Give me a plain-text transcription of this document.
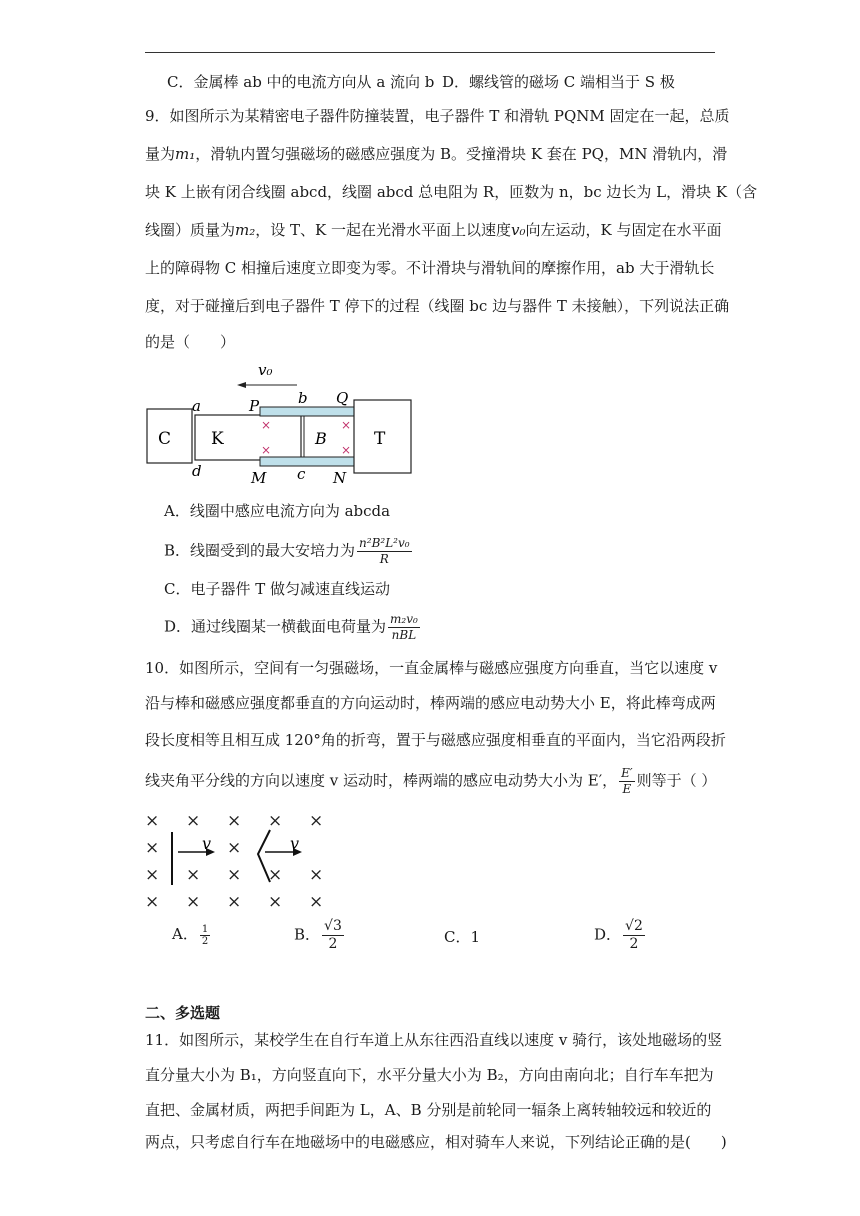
C．金属棒 ab 中的电流方向从 a 流向 b D．螺线管的磁场 C 端相当于 S 极
9．如图所示为某精密电子器件防撞装置，电子器件 T 和滑轨 PQNM 固定在一起，总质
量为m₁，滑轨内置匀强磁场的磁感应强度为 B。受撞滑块 K 套在 PQ，MN 滑轨内，滑
块 K 上嵌有闭合线圈 abcd，线圈 abcd 总电阻为 R，匝数为 n，bc 边长为 L，滑块 K（含
线圈）质量为m₂，设 T、K 一起在光滑水平面上以速度v₀向左运动，K 与固定在水平面
上的障碍物 C 相撞后速度立即变为零。不计滑块与滑轨间的摩擦作用，ab 大于滑轨长
度，对于碰撞后到电子器件 T 停下的过程（线圈 bc 边与器件 T 未接触），下列说法正确
的是（　　）
C K	T
×
×
×
×
B
a
d
P	b Q
M c N
v₀
A．线圈中感应电流方向为 abcda
B．线圈受到的最大安培力为 $\frac{\text{n²B²L²v₀}}{R}$
C．电子器件 T 做匀减速直线运动
D．通过线圈某一横截面电荷量为 $\frac{\text{m₂v₀}}{\text{nBL}}$
10．如图所示，空间有一匀强磁场，一直金属棒与磁感应强度方向垂直，当它以速度 v
沿与棒和磁感应强度都垂直的方向运动时，棒两端的感应电动势大小 E，将此棒弯成两
段长度相等且相互成 120°角的折弯，置于与磁感应强度相垂直的平面内，当它沿两段折
线夹角平分线的方向以速度 v 运动时，棒两端的感应电动势大小为 E′， $\frac{E'}{E}$ 则等于（ ）
× × × × ×
×	×
× × × × ×
× × × × ×
v	v
A． $\frac{1}{2}$	B． $\frac{√3}{2}$	C．1	D． $\frac{√2}{2}$
二、多选题
11．如图所示，某校学生在自行车道上从东往西沿直线以速度 v 骑行，该处地磁场的竖
直分量大小为 B₁，方向竖直向下，水平分量大小为 B₂，方向由南向北；自行车车把为
直把、金属材质，两把手间距为 L，A、B 分别是前轮同一辐条上离转轴较远和较近的
两点，只考虑自行车在地磁场中的电磁感应，相对骑车人来说，下列结论正确的是(　　)
